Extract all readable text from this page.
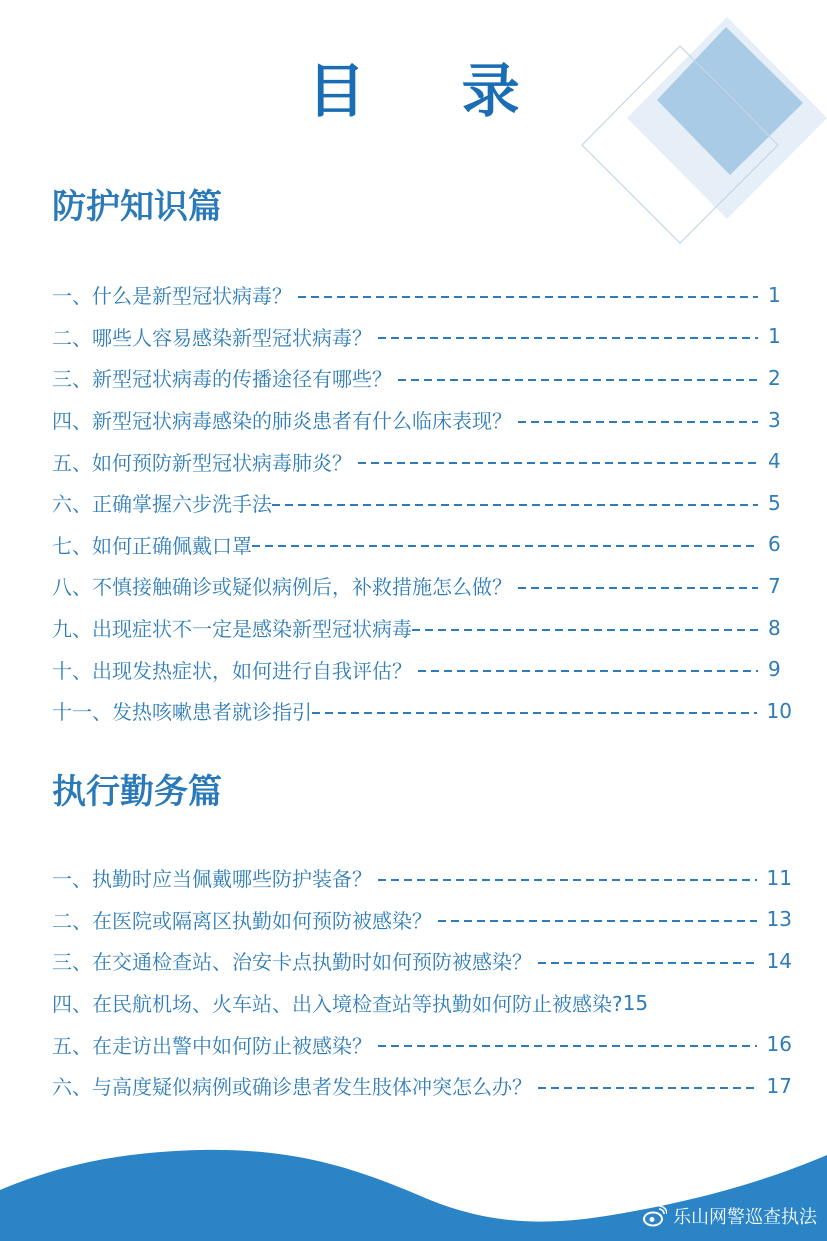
目 录
防护知识篇
一、什么是新型冠状病毒？	1
二、哪些人容易感染新型冠状病毒？	1
三、新型冠状病毒的传播途径有哪些？	2
四、新型冠状病毒感染的肺炎患者有什么临床表现？	3
五、如何预防新型冠状病毒肺炎？	4
六、正确掌握六步洗手法	5
七、如何正确佩戴口罩	6
八、不慎接触确诊或疑似病例后，补救措施怎么做？	7
九、出现症状不一定是感染新型冠状病毒	8
十、出现发热症状，如何进行自我评估？	9
十一、发热咳嗽患者就诊指引	10
执行勤务篇
一、执勤时应当佩戴哪些防护装备？	11
二、在医院或隔离区执勤如何预防被感染？	13
三、在交通检查站、治安卡点执勤时如何预防被感染？	14
四、在民航机场、火车站、出入境检查站等执勤如何防止被感染? 15
五、在走访出警中如何防止被感染？	16
六、与高度疑似病例或确诊患者发生肢体冲突怎么办？	17
乐山网警巡查执法
